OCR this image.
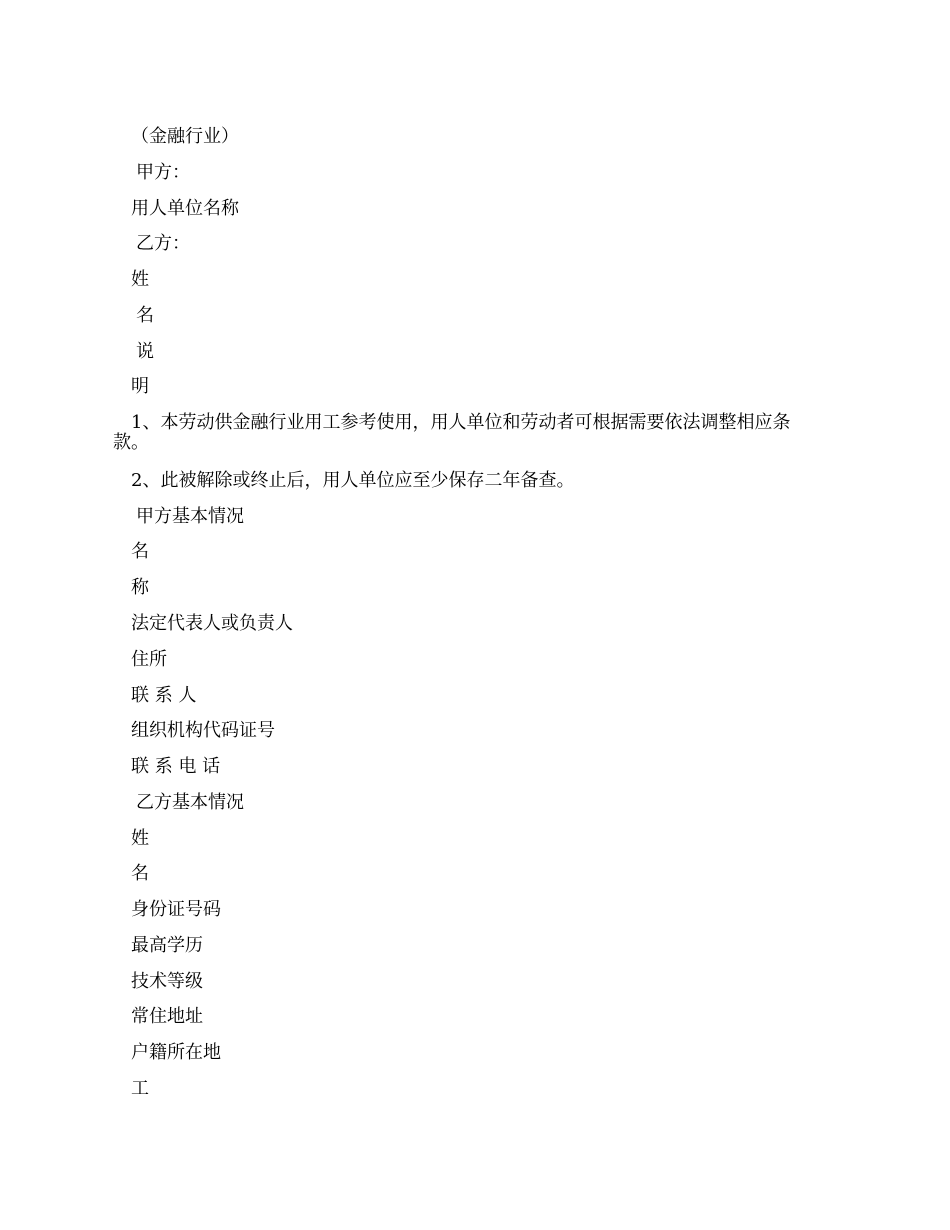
（金融行业）
甲方：
用人单位名称
乙方：
姓
名
说
明
1、本劳动供金融行业用工参考使用，用人单位和劳动者可根据需要依法调整相应条款。
2、此被解除或终止后，用人单位应至少保存二年备查。
甲方基本情况
名
称
法定代表人或负责人
住所
联 系 人
组织机构代码证号
联 系 电 话
乙方基本情况
姓
名
身份证号码
最高学历
技术等级
常住地址
户籍所在地
工
